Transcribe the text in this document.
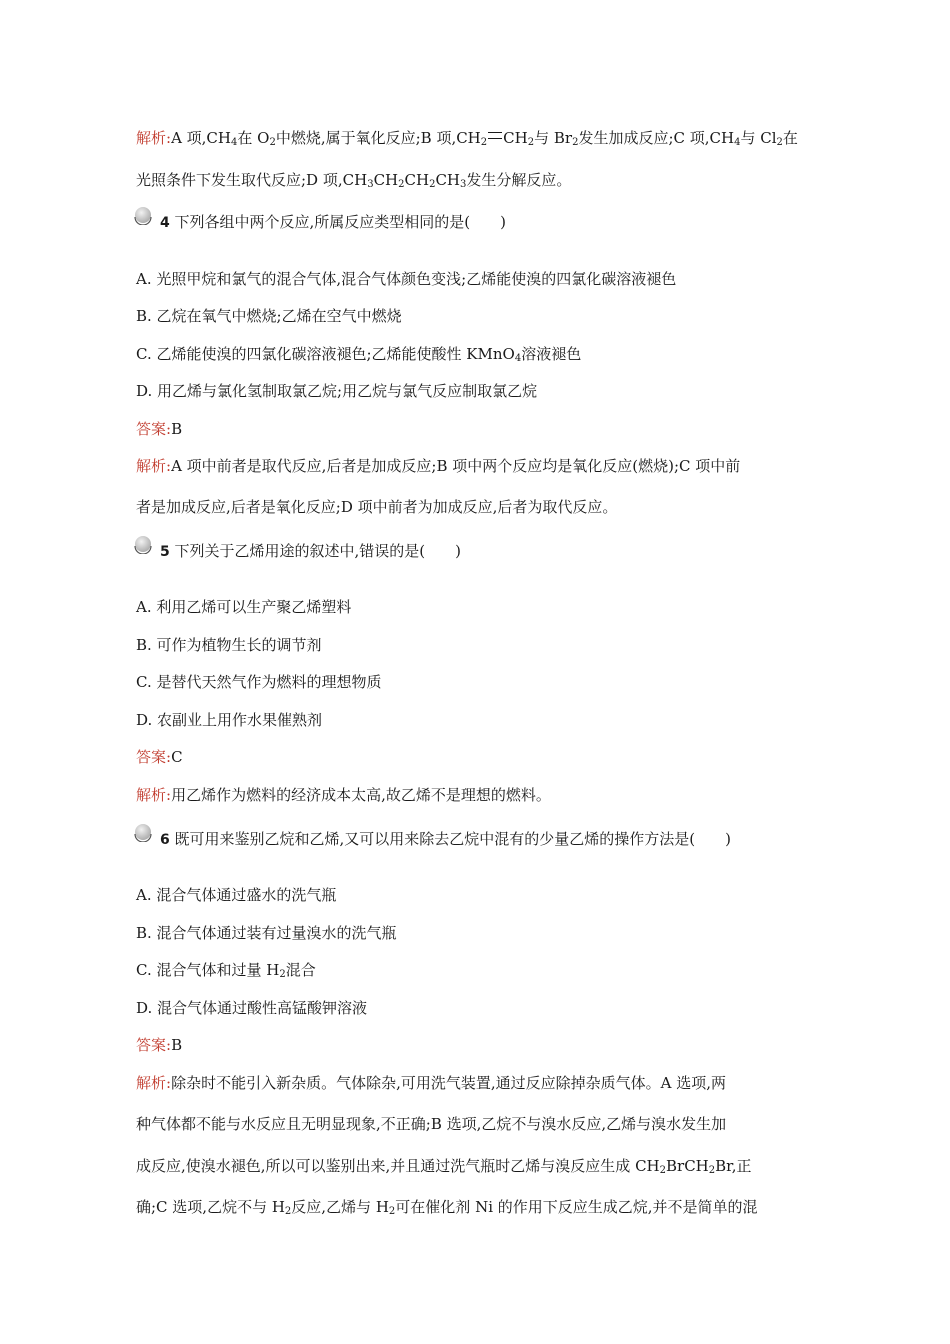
解析:A 项$,CH_4$在 $O_2$中燃烧,属于氧化反应;B 项$,CH_2$ $CH_2$与 $Br_2$发生加成反应;C 项$,CH_4$与 $Cl_2$在
光照条件下发生取代反应;D 项$,CH_3CH_2CH_2CH_3$发生分解反应。
4 下列各组中两个反应,所属反应类型相同的是(　　)
A. 光照甲烷和氯气的混合气体,混合气体颜色变浅;乙烯能使溴的四氯化碳溶液褪色
B. 乙烷在氧气中燃烧;乙烯在空气中燃烧
C. 乙烯能使溴的四氯化碳溶液褪色;乙烯能使酸性 KMnO$_4$溶液褪色
D. 用乙烯与氯化氢制取氯乙烷;用乙烷与氯气反应制取氯乙烷
答案:B
解析:A 项中前者是取代反应,后者是加成反应;B 项中两个反应均是氧化反应(燃烧);C 项中前
者是加成反应,后者是氧化反应;D 项中前者为加成反应,后者为取代反应。
5 下列关于乙烯用途的叙述中,错误的是(　　)
A. 利用乙烯可以生产聚乙烯塑料
B. 可作为植物生长的调节剂
C. 是替代天然气作为燃料的理想物质
D. 农副业上用作水果催熟剂
答案:C
解析:用乙烯作为燃料的经济成本太高,故乙烯不是理想的燃料。
6 既可用来鉴别乙烷和乙烯,又可以用来除去乙烷中混有的少量乙烯的操作方法是(　　)
A. 混合气体通过盛水的洗气瓶
B. 混合气体通过装有过量溴水的洗气瓶
C. 混合气体和过量 $H_2$混合
D. 混合气体通过酸性高锰酸钾溶液
答案:B
解析:除杂时不能引入新杂质。气体除杂,可用洗气装置,通过反应除掉杂质气体。A 选项,两
种气体都不能与水反应且无明显现象,不正确;B 选项,乙烷不与溴水反应,乙烯与溴水发生加
成反应,使溴水褪色,所以可以鉴别出来,并且通过洗气瓶时乙烯与溴反应生成 $CH_2BrCH_2Br$,正
确;C 选项,乙烷不与 $H_2$反应,乙烯与 $H_2$可在催化剂 Ni 的作用下反应生成乙烷,并不是简单的混
